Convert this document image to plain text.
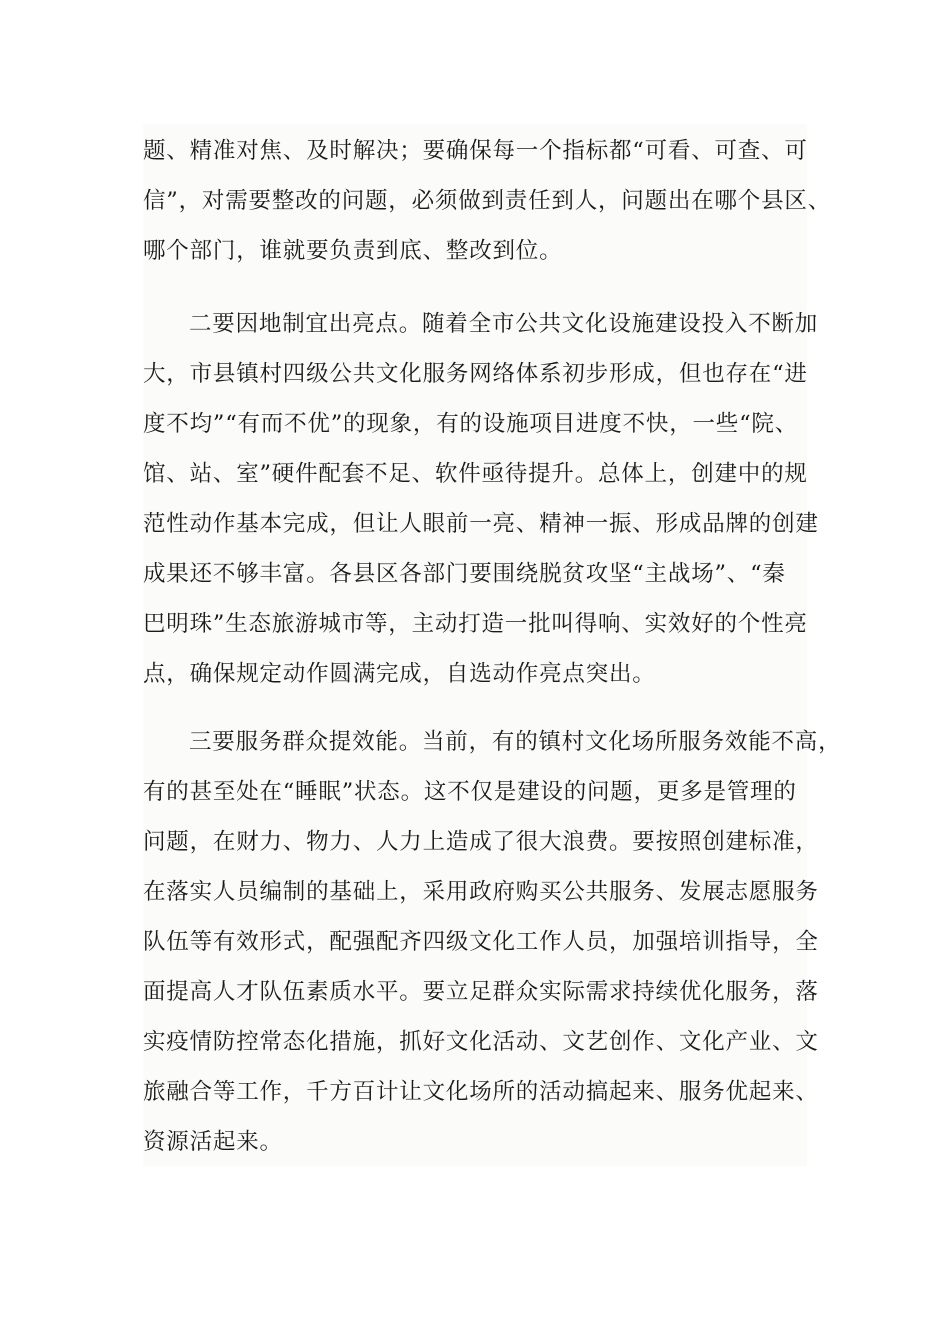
题、精准对焦、及时解决；要确保每一个指标都“可看、可查、可
信”，对需要整改的问题，必须做到责任到人，问题出在哪个县区、
哪个部门，谁就要负责到底、整改到位。
二要因地制宜出亮点。随着全市公共文化设施建设投入不断加
大，市县镇村四级公共文化服务网络体系初步形成，但也存在“进
度不均”“有而不优”的现象，有的设施项目进度不快，一些“院、
馆、站、室”硬件配套不足、软件亟待提升。总体上，创建中的规
范性动作基本完成，但让人眼前一亮、精神一振、形成品牌的创建
成果还不够丰富。各县区各部门要围绕脱贫攻坚“主战场”、“秦
巴明珠”生态旅游城市等，主动打造一批叫得响、实效好的个性亮
点，确保规定动作圆满完成，自选动作亮点突出。
三要服务群众提效能。当前，有的镇村文化场所服务效能不高，
有的甚至处在“睡眠”状态。这不仅是建设的问题，更多是管理的
问题，在财力、物力、人力上造成了很大浪费。要按照创建标准，
在落实人员编制的基础上，采用政府购买公共服务、发展志愿服务
队伍等有效形式，配强配齐四级文化工作人员，加强培训指导，全
面提高人才队伍素质水平。要立足群众实际需求持续优化服务，落
实疫情防控常态化措施，抓好文化活动、文艺创作、文化产业、文
旅融合等工作，千方百计让文化场所的活动搞起来、服务优起来、
资源活起来。
